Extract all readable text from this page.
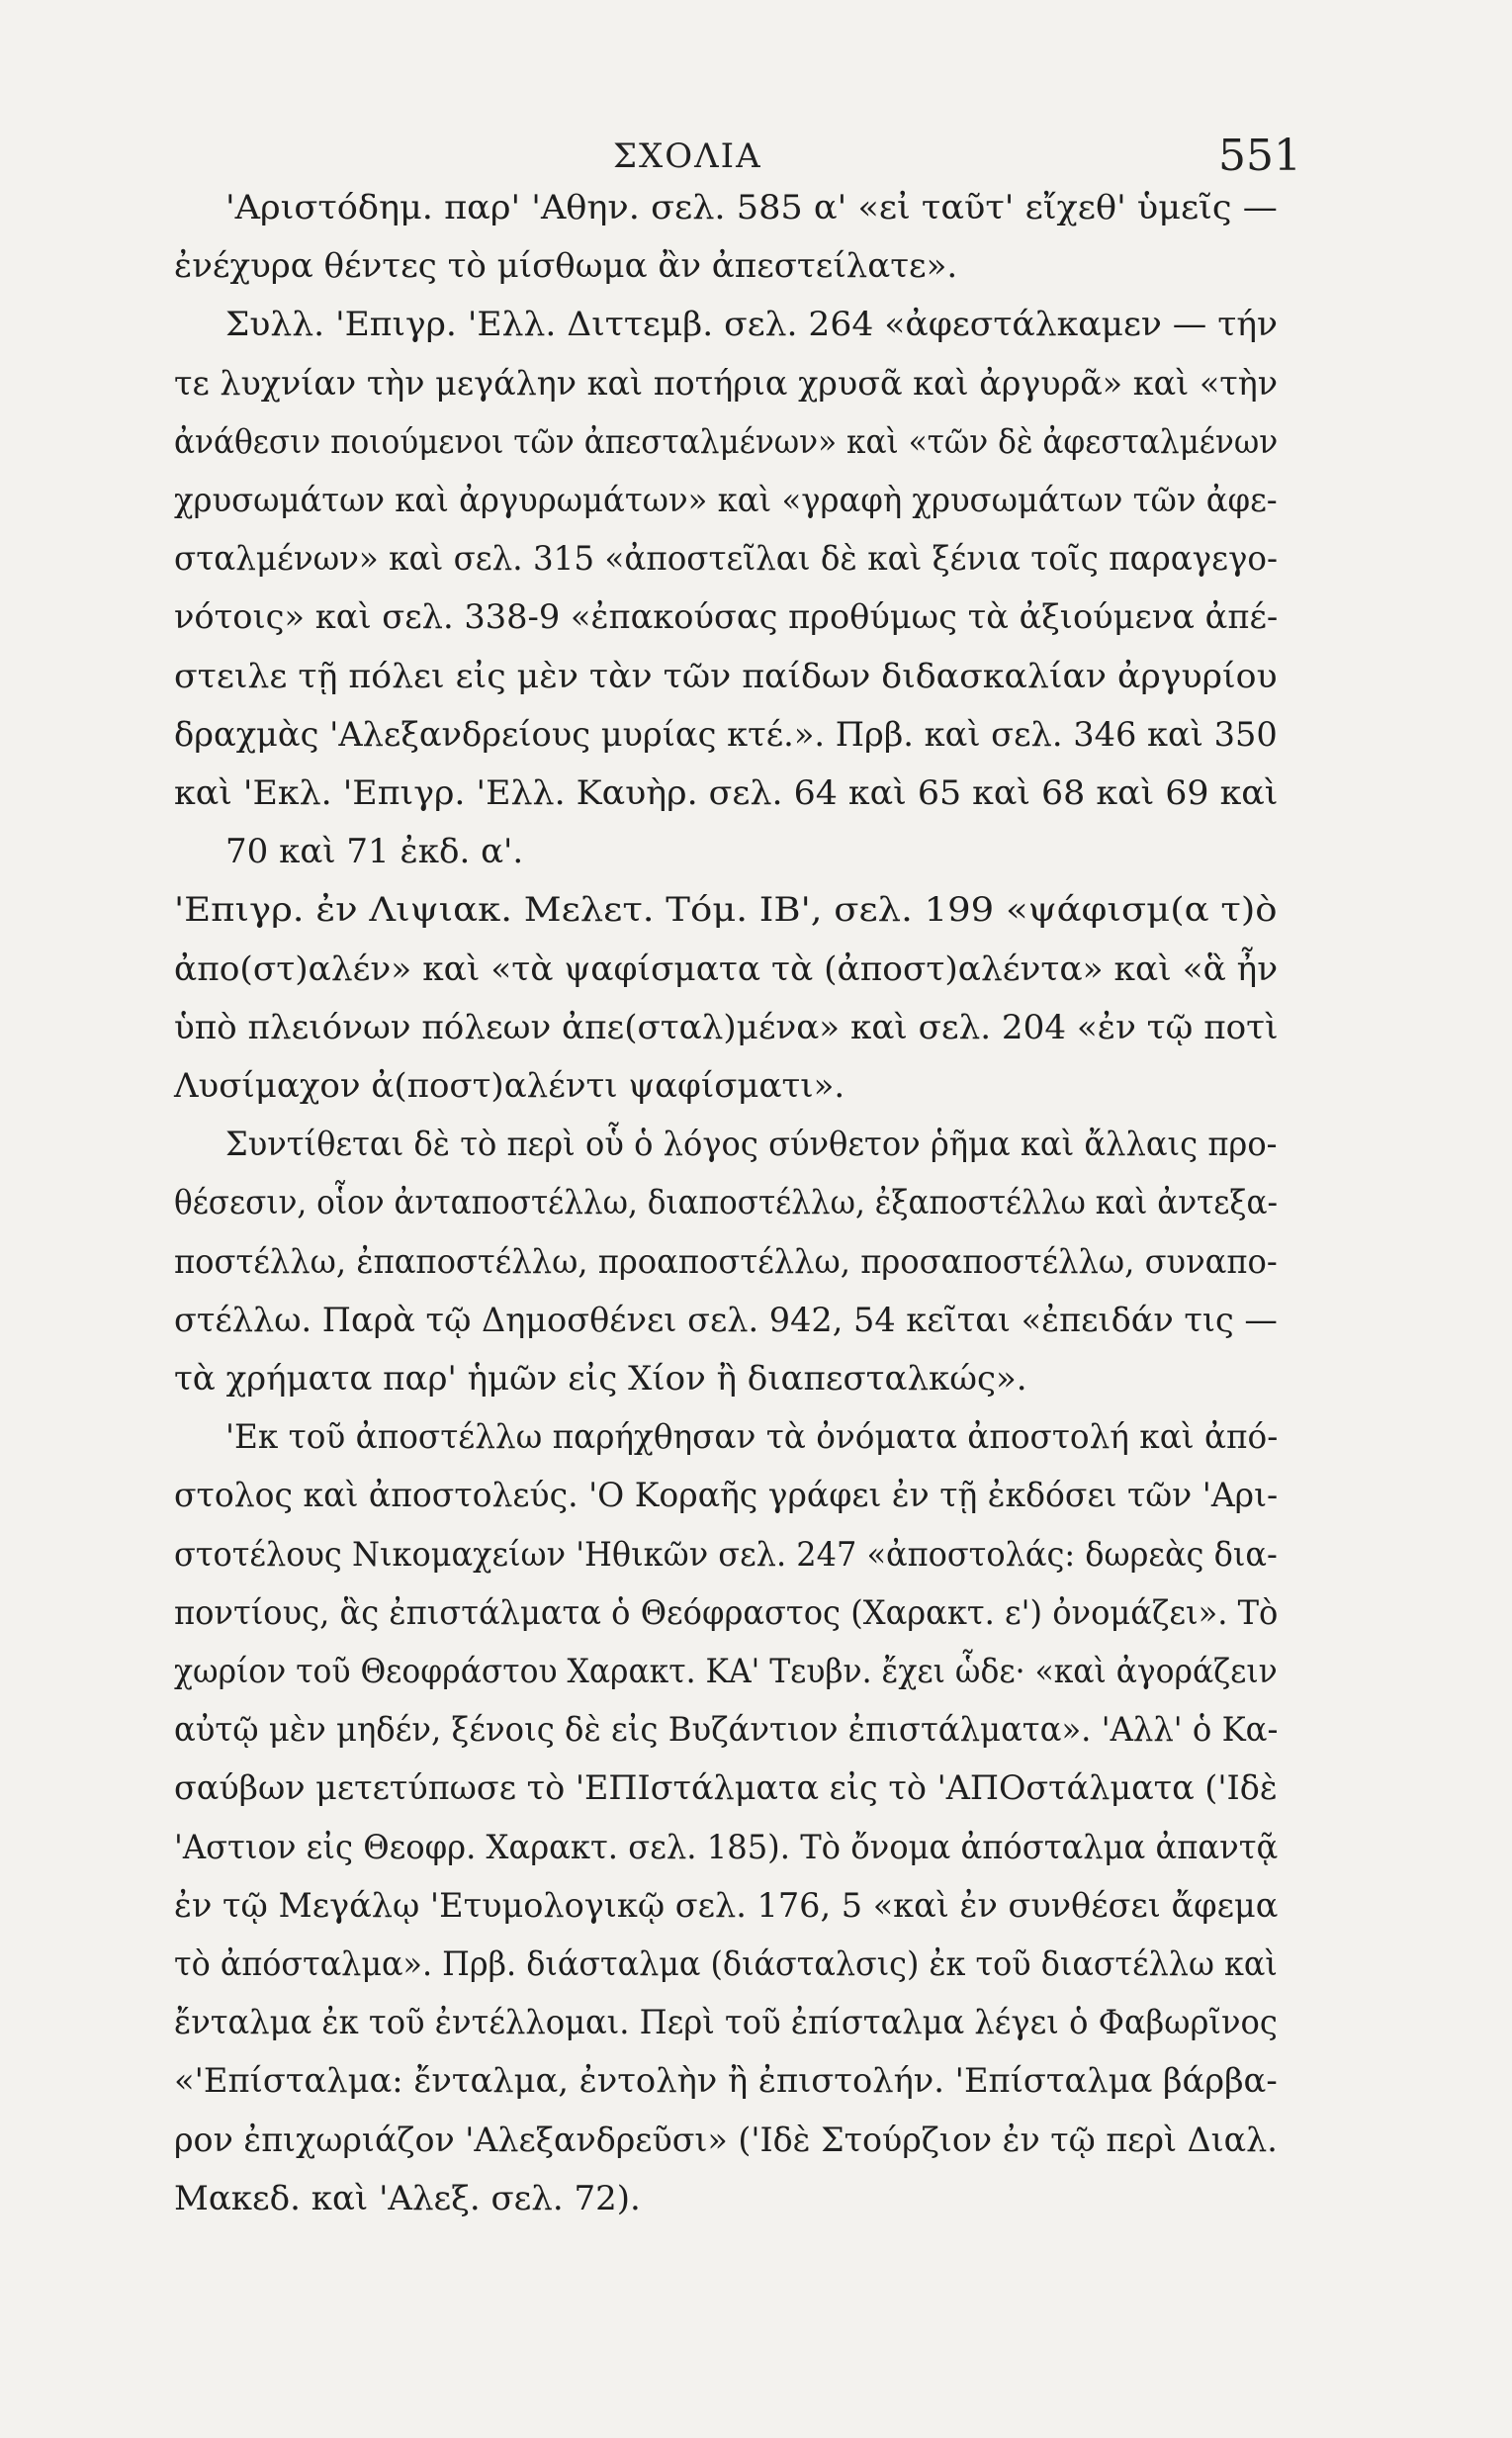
ΣΧΟΛΙΑ	551
'Αριστόδημ. παρ' 'Αθην. σελ. 585 α' «εἰ ταῦτ' εἴχεθ' ὑμεῖς —
ἐνέχυρα θέντες τὸ μίσθωμα ἂν ἀπεστείλατε».
Συλλ. 'Επιγρ. 'Ελλ. Διττεμβ. σελ. 264 «ἀφεστάλκαμεν — τήν
τε λυχνίαν τὴν μεγάλην καὶ ποτήρια χρυσᾶ καὶ ἀργυρᾶ» καὶ «τὴν
ἀνάθεσιν ποιούμενοι τῶν ἀπεσταλμένων» καὶ «τῶν δὲ ἀφεσταλμένων
χρυσωμάτων καὶ ἀργυρωμάτων» καὶ «γραφὴ χρυσωμάτων τῶν ἀφε-
σταλμένων» καὶ σελ. 315 «ἀποστεῖλαι δὲ καὶ ξένια τοῖς παραγεγο-
νότοις» καὶ σελ. 338-9 «ἐπακούσας προθύμως τὰ ἀξιούμενα ἀπέ-
στειλε τῇ πόλει εἰς μὲν τὰν τῶν παίδων διδασκαλίαν ἀργυρίου
δραχμὰς 'Αλεξανδρείους μυρίας κτέ.». Πρβ. καὶ σελ. 346 καὶ 350
καὶ 'Εκλ. 'Επιγρ. 'Ελλ. Καυὴρ. σελ. 64 καὶ 65 καὶ 68 καὶ 69 καὶ
70 καὶ 71 ἐκδ. α'.
'Επιγρ. ἐν Λιψιακ. Μελετ. Τόμ. ΙΒ', σελ. 199 «ψάφισμ(α τ)ὸ
ἀπο(στ)αλέν» καὶ «τὰ ψαφίσματα τὰ (ἀποστ)αλέντα» καὶ «ἃ ἦν
ὑπὸ πλειόνων πόλεων ἀπε(σταλ)μένα» καὶ σελ. 204 «ἐν τῷ ποτὶ
Λυσίμαχον ἀ(ποστ)αλέντι ψαφίσματι».
Συντίθεται δὲ τὸ περὶ οὗ ὁ λόγος σύνθετον ῥῆμα καὶ ἄλλαις προ-
θέσεσιν, οἷον ἀνταποστέλλω, διαποστέλλω, ἐξαποστέλλω καὶ ἀντεξα-
ποστέλλω, ἐπαποστέλλω, προαποστέλλω, προσαποστέλλω, συναπο-
στέλλω. Παρὰ τῷ Δημοσθένει σελ. 942, 54 κεῖται «ἐπειδάν τις —
τὰ χρήματα παρ' ἡμῶν εἰς Χίον ἢ διαπεσταλκώς».
'Εκ τοῦ ἀποστέλλω παρήχθησαν τὰ ὀνόματα ἀποστολή καὶ ἀπό-
στολος καὶ ἀποστολεύς. 'Ο Κοραῆς γράφει ἐν τῇ ἐκδόσει τῶν 'Αρι-
στοτέλους Νικομαχείων 'Ηθικῶν σελ. 247 «ἀποστολάς: δωρεὰς δια-
ποντίους, ἃς ἐπιστάλματα ὁ Θεόφραστος (Χαρακτ. ε') ὀνομάζει». Τὸ
χωρίον τοῦ Θεοφράστου Χαρακτ. ΚΑ' Τευβν. ἔχει ὧδε· «καὶ ἀγοράζειν
αὐτῷ μὲν μηδέν, ξένοις δὲ εἰς Βυζάντιον ἐπιστάλματα». 'Αλλ' ὁ Κα-
σαύβων μετετύπωσε τὸ 'ΕΠΙστάλματα εἰς τὸ 'ΑΠΟστάλματα ('Ιδὲ
'Αστιον εἰς Θεοφρ. Χαρακτ. σελ. 185). Τὸ ὄνομα ἀπόσταλμα ἀπαντᾷ
ἐν τῷ Μεγάλῳ 'Ετυμολογικῷ σελ. 176, 5 «καὶ ἐν συνθέσει ἄφεμα
τὸ ἀπόσταλμα». Πρβ. διάσταλμα (διάσταλσις) ἐκ τοῦ διαστέλλω καὶ
ἔνταλμα ἐκ τοῦ ἐντέλλομαι. Περὶ τοῦ ἐπίσταλμα λέγει ὁ Φαβωρῖνος
«'Επίσταλμα: ἔνταλμα, ἐντολὴν ἢ ἐπιστολήν. 'Επίσταλμα βάρβα-
ρον ἐπιχωριάζον 'Αλεξανδρεῦσι» ('Ιδὲ Στούρζιον ἐν τῷ περὶ Διαλ.
Μακεδ. καὶ 'Αλεξ. σελ. 72).
